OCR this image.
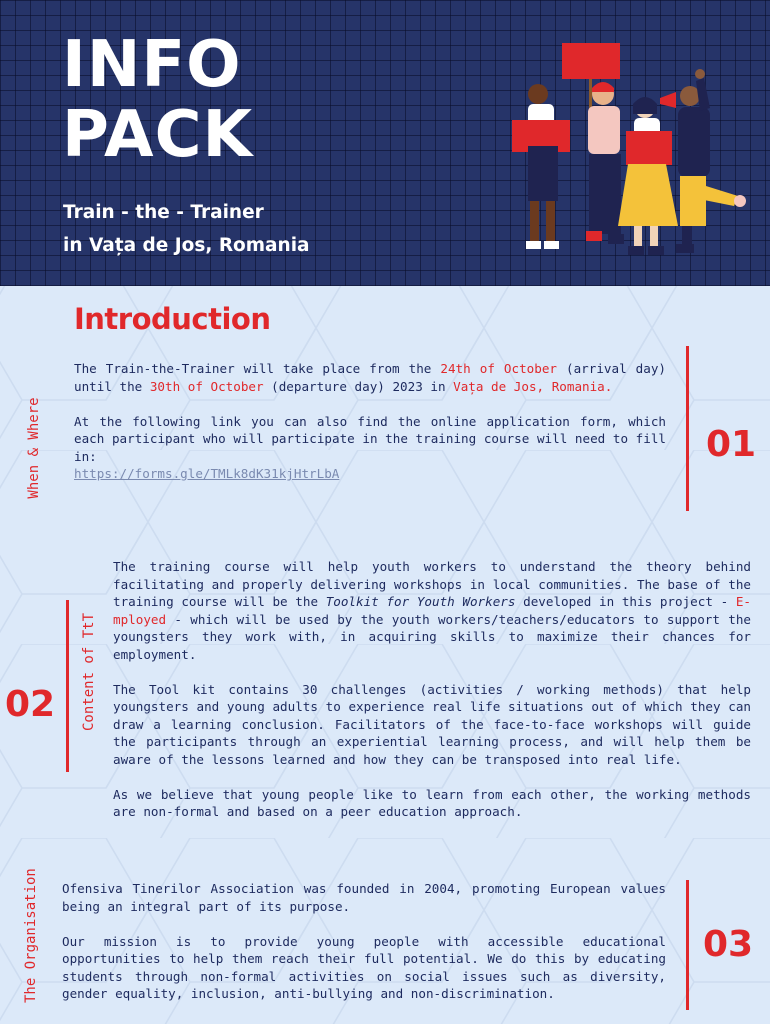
INFO
PACK
Train - the - Trainer
in Vața de Jos, Romania
Introduction
When & Where

The Train-the-Trainer will take place from the 24th of October (arrival day) until the 30th of October (departure day) 2023 in Vața de Jos, Romania.

At the following link you can also find the online application form, which each participant who will participate in the training course will need to fill in:

https://forms.gle/TMLk8dK31kjHtrLbA
01
02 Content of TtT

The training course will help youth workers to understand the theory behind facilitating and properly delivering workshops in local communities. The base of the training course will be the Toolkit for Youth Workers developed in this project - E-mployed - which will be used by the youth workers/teachers/educators to support the youngsters they work with, in acquiring skills to maximize their chances for employment.

The Tool kit contains 30 challenges (activities / working methods) that help youngsters and young adults to experience real life situations out of which they can draw a learning conclusion. Facilitators of the face-to-face workshops will guide the participants through an experiential learning process, and will help them be aware of the lessons learned and how they can be transposed into real life.

As we believe that young people like to learn from each other, the working methods are non-formal and based on a peer education approach.

The Organisation Ofensiva Tinerilor Association was founded in 2004, promoting European values being an integral part of its purpose.

Our mission is to provide young people with accessible educational opportunities to help them reach their full potential. We do this by educating students through non-formal activities on social issues such as diversity, gender equality, inclusion, anti-bullying and non-discrimination.

03
